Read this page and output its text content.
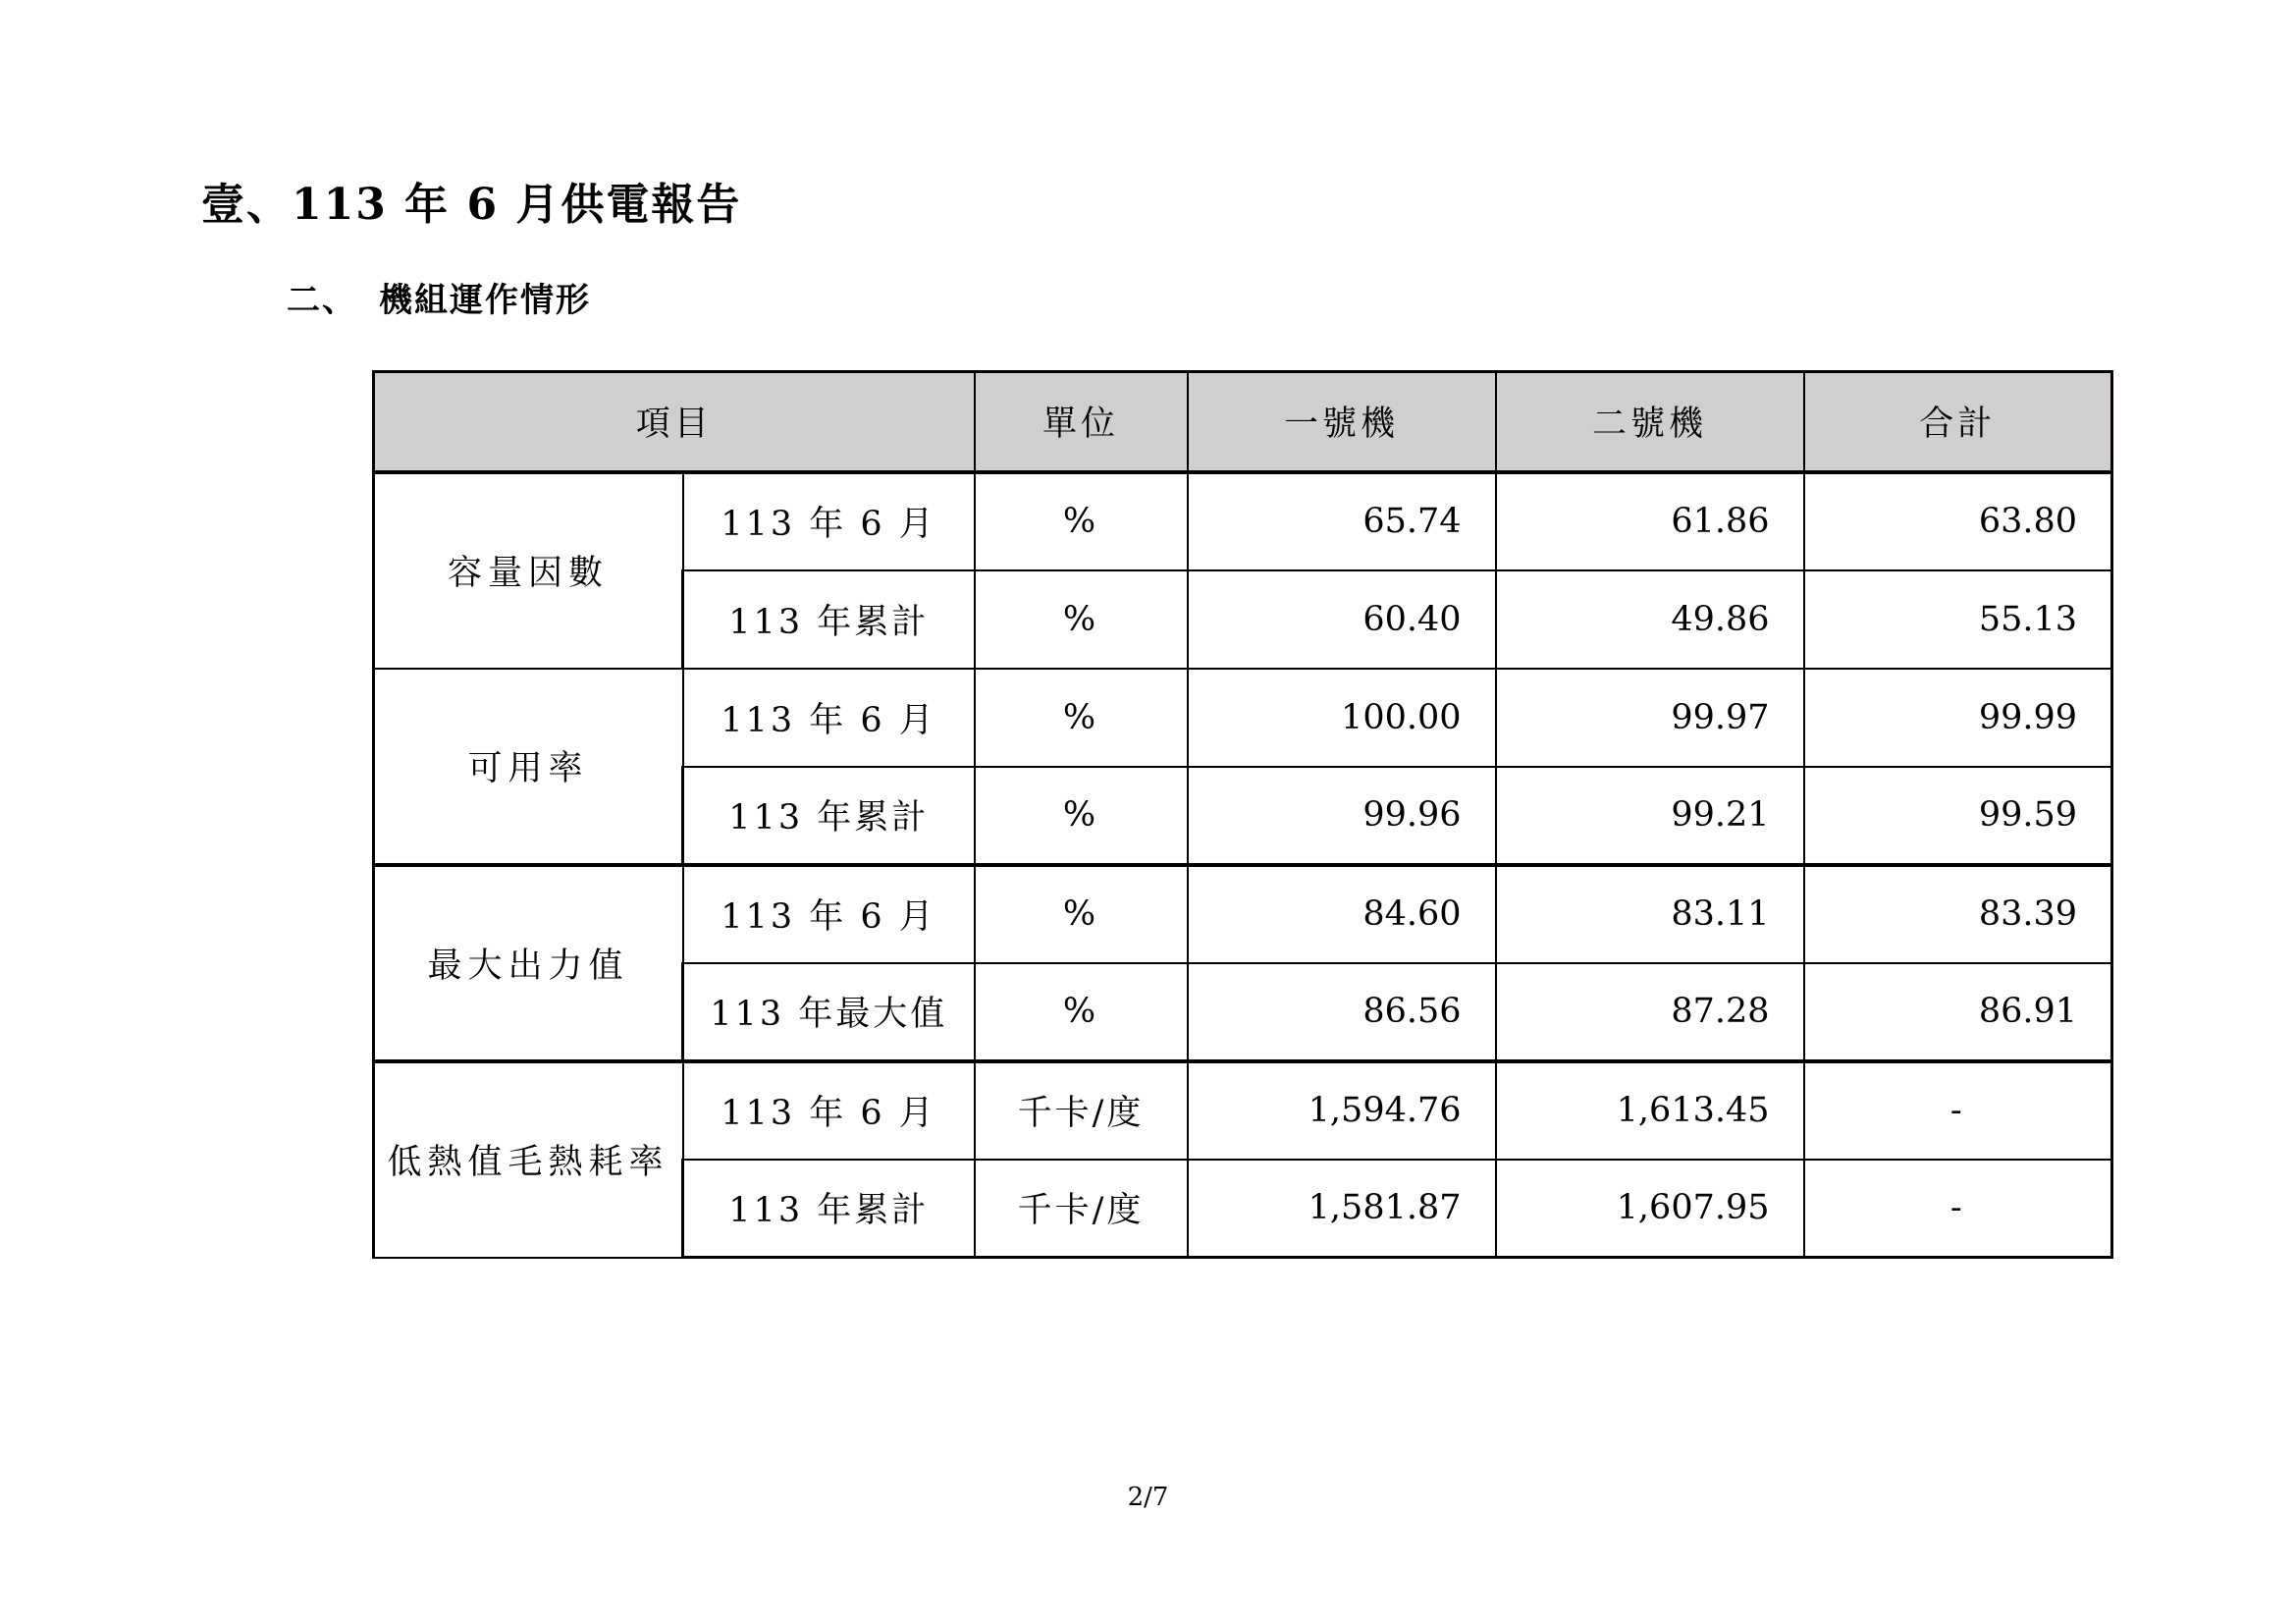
壹、113 年 6 月供電報告
二、 機組運作情形
項目		單位	一號機	二號機	合計
容量因數	113 年 6 月	%	65.74	61.86	63.80
	113 年累計	%	60.40	49.86	55.13
可用率	113 年 6 月	%	100.00	99.97	99.99
	113 年累計	%	99.96	99.21	99.59
最大出力值	113 年 6 月	%	84.60	83.11	83.39
	113 年最大值	%	86.56	87.28	86.91
低熱值毛熱耗率	113 年 6 月	千卡/度	1,594.76	1,613.45	-
	113 年累計	千卡/度	1,581.87	1,607.95	-
2/7
